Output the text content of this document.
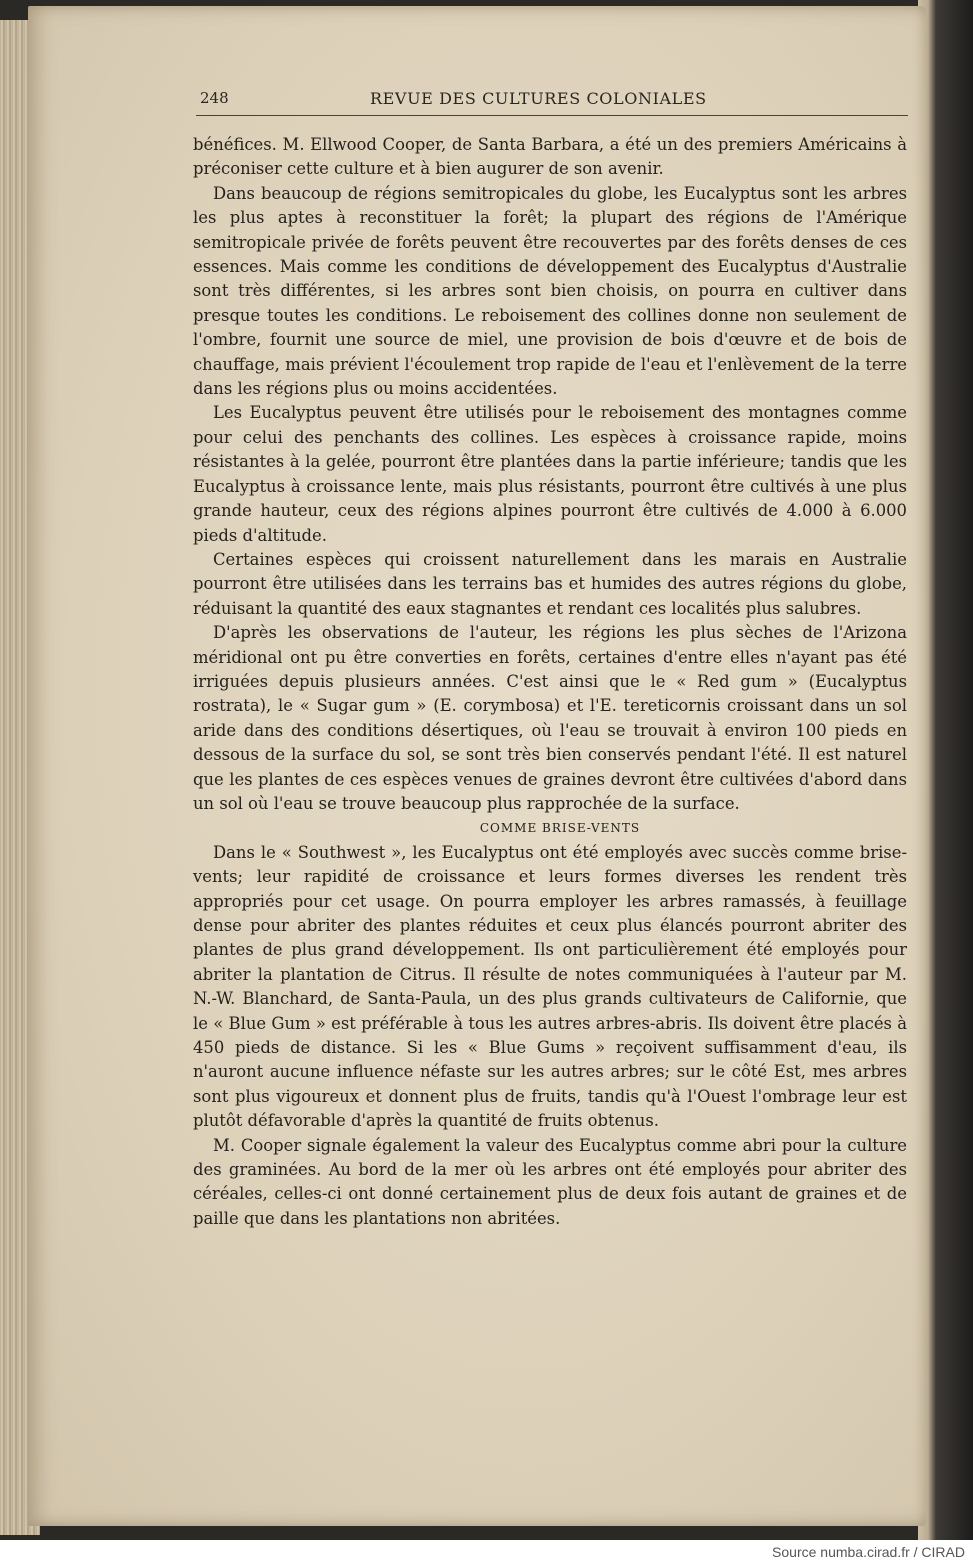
248	REVUE DES CULTURES COLONIALES

bénéfices. M. Ellwood Cooper, de Santa Barbara, a été un des premiers Américains à préconiser cette culture et à bien augurer de son avenir.

Dans beaucoup de régions semitropicales du globe, les Eucalyptus sont les arbres les plus aptes à reconstituer la forêt; la plupart des régions de l'Amérique semitropicale privée de forêts peuvent être recouvertes par des forêts denses de ces essences. Mais comme les conditions de développement des Eucalyptus d'Australie sont très différentes, si les arbres sont bien choisis, on pourra en cultiver dans presque toutes les conditions. Le reboisement des collines donne non seulement de l'ombre, fournit une source de miel, une provision de bois d'œuvre et de bois de chauffage, mais prévient l'écoulement trop rapide de l'eau et l'enlèvement de la terre dans les régions plus ou moins accidentées.

Les Eucalyptus peuvent être utilisés pour le reboisement des montagnes comme pour celui des penchants des collines. Les espèces à croissance rapide, moins résistantes à la gelée, pourront être plantées dans la partie inférieure; tandis que les Eucalyptus à croissance lente, mais plus résistants, pourront être cultivés à une plus grande hauteur, ceux des régions alpines pourront être cultivés de 4.000 à 6.000 pieds d'altitude.

Certaines espèces qui croissent naturellement dans les marais en Australie pourront être utilisées dans les terrains bas et humides des autres régions du globe, réduisant la quantité des eaux stagnantes et rendant ces localités plus salubres.

D'après les observations de l'auteur, les régions les plus sèches de l'Arizona méridional ont pu être converties en forêts, certaines d'entre elles n'ayant pas été irriguées depuis plusieurs années. C'est ainsi que le « Red gum » (Eucalyptus rostrata), le « Sugar gum » (E. corymbosa) et l'E. tereticornis croissant dans un sol aride dans des conditions désertiques, où l'eau se trouvait à environ 100 pieds en dessous de la surface du sol, se sont très bien conservés pendant l'été. Il est naturel que les plantes de ces espèces venues de graines devront être cultivées d'abord dans un sol où l'eau se trouve beaucoup plus rapprochée de la surface.

COMME BRISE-VENTS

Dans le « Southwest », les Eucalyptus ont été employés avec succès comme brise-vents; leur rapidité de croissance et leurs formes diverses les rendent très appropriés pour cet usage. On pourra employer les arbres ramassés, à feuillage dense pour abriter des plantes réduites et ceux plus élancés pourront abriter des plantes de plus grand développement. Ils ont particulièrement été employés pour abriter la plantation de Citrus. Il résulte de notes communiquées à l'auteur par M. N.-W. Blanchard, de Santa-Paula, un des plus grands cultivateurs de Californie, que le « Blue Gum » est préférable à tous les autres arbres-abris. Ils doivent être placés à 450 pieds de distance. Si les « Blue Gums » reçoivent suffisamment d'eau, ils n'auront aucune influence néfaste sur les autres arbres; sur le côté Est, mes arbres sont plus vigoureux et donnent plus de fruits, tandis qu'à l'Ouest l'ombrage leur est plutôt défavorable d'après la quantité de fruits obtenus.

M. Cooper signale également la valeur des Eucalyptus comme abri pour la culture des graminées. Au bord de la mer où les arbres ont été employés pour abriter des céréales, celles-ci ont donné certainement plus de deux fois autant de graines et de paille que dans les plantations non abritées.

Source numba.cirad.fr / CIRAD
